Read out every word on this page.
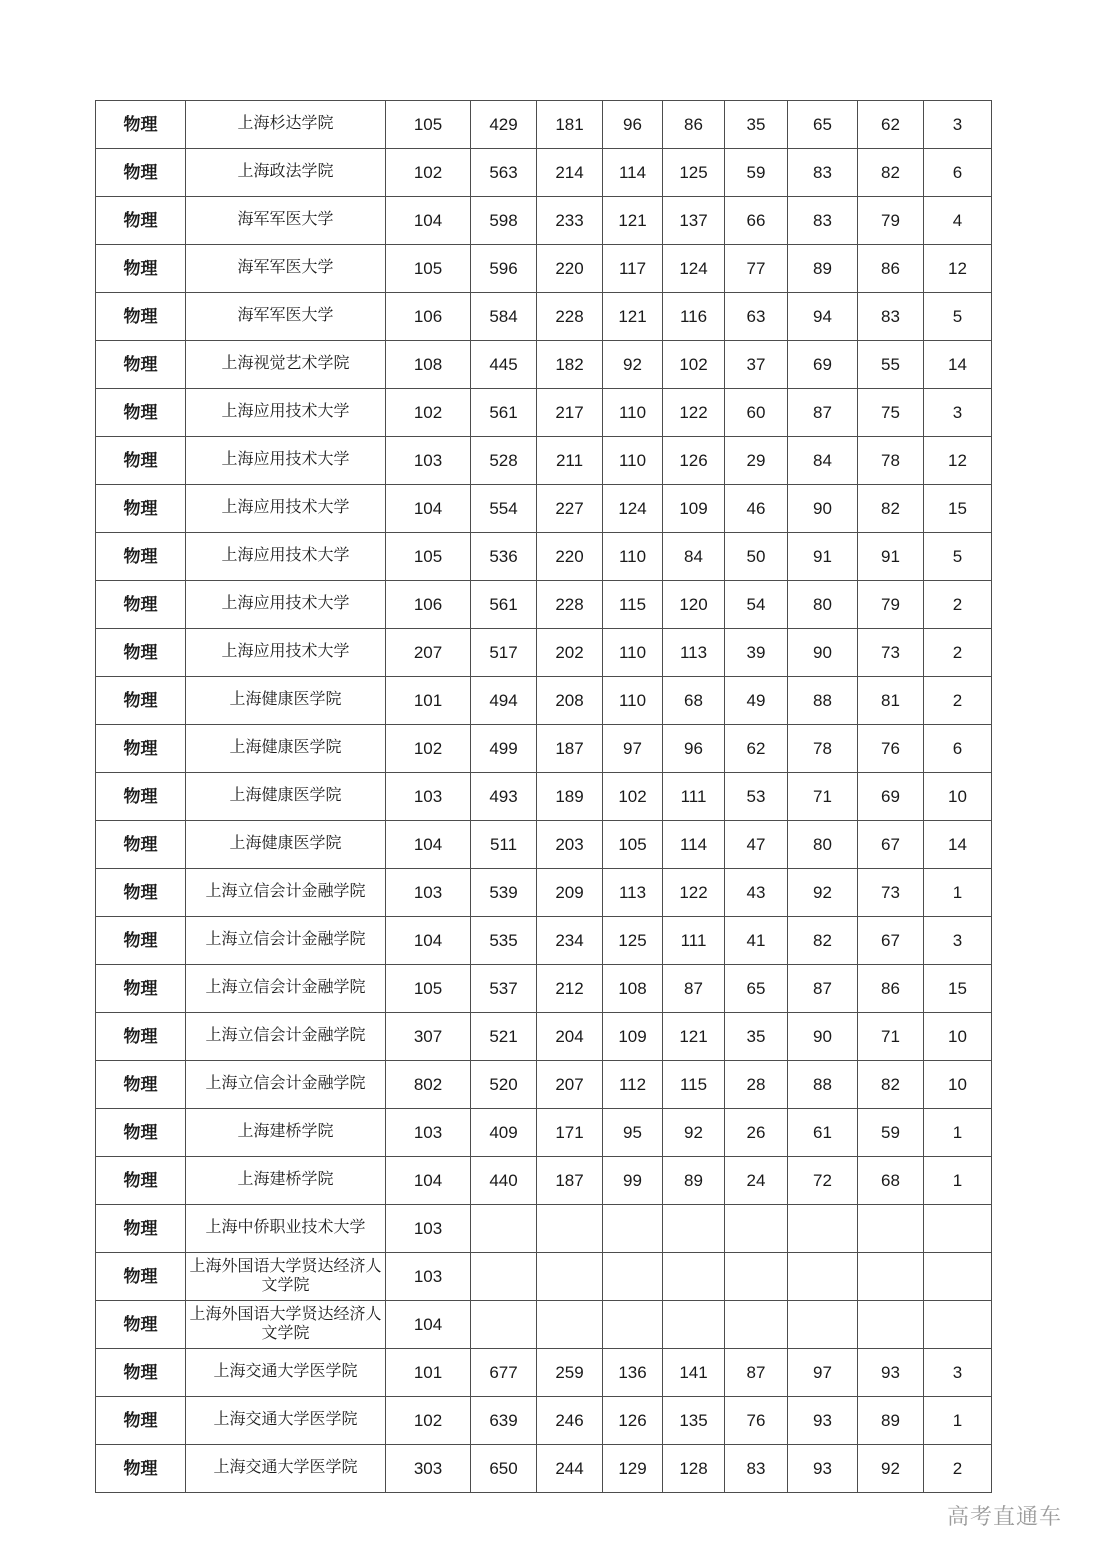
物理	上海杉达学院	105	429	181	96	86	35	65	62	3
物理	上海政法学院	102	563	214	114	125	59	83	82	6
物理	海军军医大学	104	598	233	121	137	66	83	79	4
物理	海军军医大学	105	596	220	117	124	77	89	86	12
物理	海军军医大学	106	584	228	121	116	63	94	83	5
物理	上海视觉艺术学院	108	445	182	92	102	37	69	55	14
物理	上海应用技术大学	102	561	217	110	122	60	87	75	3
物理	上海应用技术大学	103	528	211	110	126	29	84	78	12
物理	上海应用技术大学	104	554	227	124	109	46	90	82	15
物理	上海应用技术大学	105	536	220	110	84	50	91	91	5
物理	上海应用技术大学	106	561	228	115	120	54	80	79	2
物理	上海应用技术大学	207	517	202	110	113	39	90	73	2
物理	上海健康医学院	101	494	208	110	68	49	88	81	2
物理	上海健康医学院	102	499	187	97	96	62	78	76	6
物理	上海健康医学院	103	493	189	102	111	53	71	69	10
物理	上海健康医学院	104	511	203	105	114	47	80	67	14
物理	上海立信会计金融学院	103	539	209	113	122	43	92	73	1
物理	上海立信会计金融学院	104	535	234	125	111	41	82	67	3
物理	上海立信会计金融学院	105	537	212	108	87	65	87	86	15
物理	上海立信会计金融学院	307	521	204	109	121	35	90	71	10
物理	上海立信会计金融学院	802	520	207	112	115	28	88	82	10
物理	上海建桥学院	103	409	171	95	92	26	61	59	1
物理	上海建桥学院	104	440	187	99	89	24	72	68	1
物理	上海中侨职业技术大学	103								
物理	上海外国语大学贤达经济人文学院	103								
物理	上海外国语大学贤达经济人文学院	104								
物理	上海交通大学医学院	101	677	259	136	141	87	97	93	3
物理	上海交通大学医学院	102	639	246	126	135	76	93	89	1
物理	上海交通大学医学院	303	650	244	129	128	83	93	92	2
高考直通车
